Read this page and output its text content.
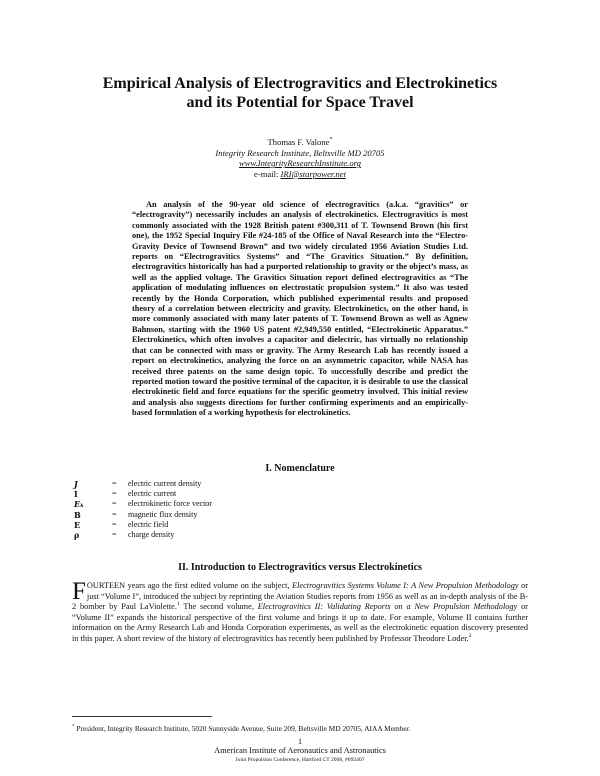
Empirical Analysis of Electrogravitics and Electrokinetics
and its Potential for Space Travel
Thomas F. Valone*
Integrity Research Institute, Beltsville MD 20705
www.IntegrityResearchInstitute.org
e-mail: IRI@starpower.net

An analysis of the 90-year old science of electrogravitics (a.k.a. “gravitics” or “electrogravity”) necessarily includes an analysis of electrokinetics. Electrogravitics is most commonly associated with the 1928 British patent #300,311 of T. Townsend Brown (his first one), the 1952 Special Inquiry File #24-185 of the Office of Naval Research into the “Electro-Gravity Device of Townsend Brown” and two widely circulated 1956 Aviation Studies Ltd. reports on “Electrogravitics Systems” and “The Gravitics Situation.” By definition, electrogravitics historically has had a purported relationship to gravity or the object’s mass, as well as the applied voltage. The Gravitics Situation report defined electrogravitics as “The application of modulating influences on electrostatic propulsion system.” It also was tested recently by the Honda Corporation, which published experimental results and proposed theory of a correlation between electricity and gravity. Electrokinetics, on the other hand, is more commonly associated with many later patents of T. Townsend Brown as well as Agnew Bahnson, starting with the 1960 US patent #2,949,550 entitled, “Electrokinetic Apparatus.” Electrokinetics, which often involves a capacitor and dielectric, has virtually no relationship that can be connected with mass or gravity. The Army Research Lab has recently issued a report on electrokinetics, analyzing the force on an asymmetric capacitor, while NASA has received three patents on the same design topic. To successfully describe and predict the reported motion toward the positive terminal of the capacitor, it is desirable to use the classical electrokinetic field and force equations for the specific geometry involved. This initial review and analysis also suggests directions for further confirming experiments and an empirically-based formulation of a working hypothesis for electrokinetics.

I. Nomenclature
J	=	electric current density
I	=	electric current
Eₖ	=	electrokinetic force vector
B	=	magnetic flux density
E	=	electric field
ρ	=	charge density
II. Introduction to Electrogravitics versus Electrokinetics

FOURTEEN years ago the first edited volume on the subject, Electrogravitics Systems Volume I: A New Propulsion Methodology or just “Volume I”, introduced the subject by reprinting the Aviation Studies reports from 1956 as well as an in-depth analysis of the B-2 bomber by Paul LaViolette.$^1$ The second volume, Electrogravitics II: Validating Reports on a New Propulsion Methodology or “Volume II” expands the historical perspective of the first volume and brings it up to date. For example, Volume II contains further information on the Army Research Lab and Honda Corporation experiments, as well as the electrokinetic equation discovery presented in this paper. A short review of the history of electrogravitics has recently been published by Professor Theodore Loder.$^2$

* President, Integrity Research Institute, 5020 Sunnyside Avenue, Suite 209, Beltsville MD 20705, AIAA Member.

1

American Institute of Aeronautics and Astronautics

Joint Propulsion Conference, Hartford CT 2008, #092407
